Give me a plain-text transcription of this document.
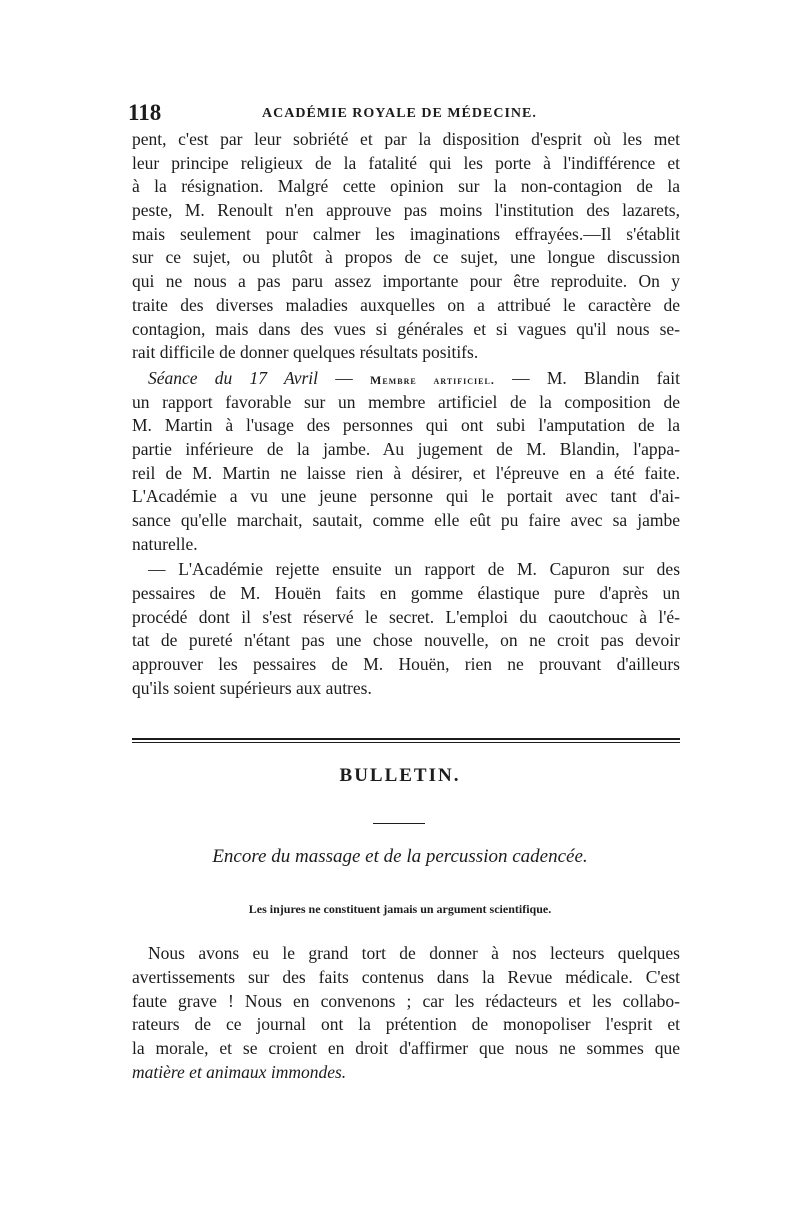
118	ACADÉMIE ROYALE DE MÉDECINE.
pent, c'est par leur sobriété et par la disposition d'esprit où les met
leur principe religieux de la fatalité qui les porte à l'indifférence et
à la résignation. Malgré cette opinion sur la non-contagion de la
peste, M. Renoult n'en approuve pas moins l'institution des lazarets,
mais seulement pour calmer les imaginations effrayées.—Il s'établit
sur ce sujet, ou plutôt à propos de ce sujet, une longue discussion
qui ne nous a pas paru assez importante pour être reproduite. On y
traite des diverses maladies auxquelles on a attribué le caractère de
contagion, mais dans des vues si générales et si vagues qu'il nous se-
rait difficile de donner quelques résultats positifs.
Séance du 17 Avril — Membre artificiel. — M. Blandin fait
un rapport favorable sur un membre artificiel de la composition de
M. Martin à l'usage des personnes qui ont subi l'amputation de la
partie inférieure de la jambe. Au jugement de M. Blandin, l'appa-
reil de M. Martin ne laisse rien à désirer, et l'épreuve en a été faite.
L'Académie a vu une jeune personne qui le portait avec tant d'ai-
sance qu'elle marchait, sautait, comme elle eût pu faire avec sa jambe
naturelle.
— L'Académie rejette ensuite un rapport de M. Capuron sur des
pessaires de M. Houën faits en gomme élastique pure d'après un
procédé dont il s'est réservé le secret. L'emploi du caoutchouc à l'é-
tat de pureté n'étant pas une chose nouvelle, on ne croit pas devoir
approuver les pessaires de M. Houën, rien ne prouvant d'ailleurs
qu'ils soient supérieurs aux autres.
BULLETIN.
Encore du massage et de la percussion cadencée.
Les injures ne constituent jamais un argument scientifique.
Nous avons eu le grand tort de donner à nos lecteurs quelques
avertissements sur des faits contenus dans la Revue médicale. C'est
faute grave ! Nous en convenons ; car les rédacteurs et les collabo-
rateurs de ce journal ont la prétention de monopoliser l'esprit et
la morale, et se croient en droit d'affirmer que nous ne sommes que
matière et animaux immondes.
